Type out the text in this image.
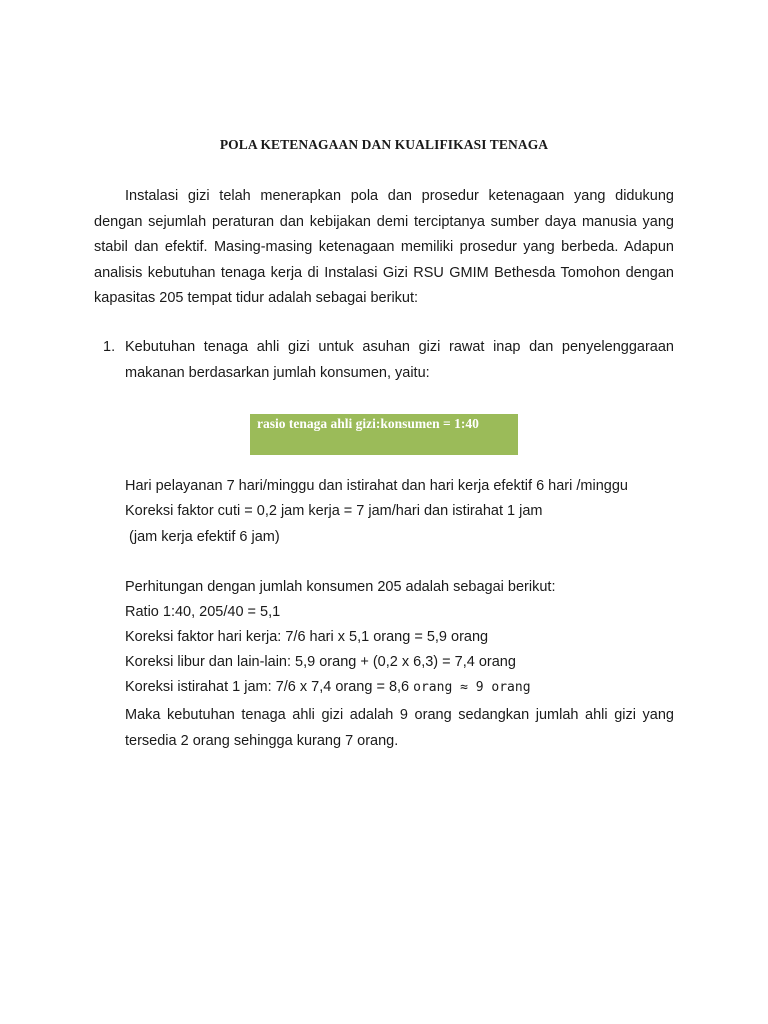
POLA KETENAGAAN DAN KUALIFIKASI TENAGA

Instalasi gizi telah menerapkan pola dan prosedur ketenagaan yang didukung dengan sejumlah peraturan dan kebijakan demi terciptanya sumber daya manusia yang stabil dan efektif. Masing-masing ketenagaan memiliki prosedur yang berbeda. Adapun analisis kebutuhan tenaga kerja di Instalasi Gizi RSU GMIM Bethesda Tomohon dengan kapasitas 205 tempat tidur adalah sebagai berikut:

1. Kebutuhan tenaga ahli gizi untuk asuhan gizi rawat inap dan penyelenggaraan makanan berdasarkan jumlah konsumen, yaitu:

rasio tenaga ahli gizi:konsumen = 1:40
Hari pelayanan 7 hari/minggu dan istirahat dan hari kerja efektif 6 hari /minggu
Koreksi faktor cuti = 0,2 jam kerja = 7 jam/hari dan istirahat 1 jam
(jam kerja efektif 6 jam)
Perhitungan dengan jumlah konsumen 205 adalah sebagai berikut:
Ratio 1:40, 205/40 = 5,1
Koreksi faktor hari kerja: 7/6 hari x 5,1 orang = 5,9 orang
Koreksi libur dan lain-lain: 5,9 orang + (0,2 x 6,3) = 7,4 orang
Koreksi istirahat 1 jam: 7/6 x 7,4 orang = 8,6 orang ≈ 9 orang

Maka kebutuhan tenaga ahli gizi adalah 9 orang sedangkan jumlah ahli gizi yang tersedia 2 orang sehingga kurang 7 orang.
